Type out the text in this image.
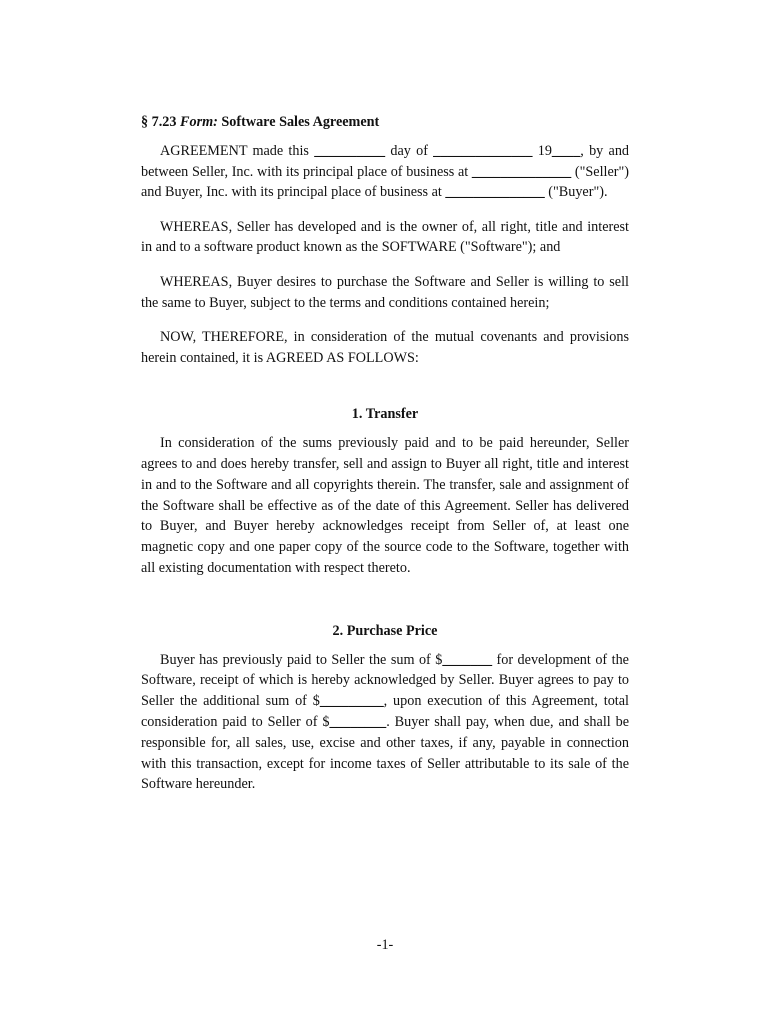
§ 7.23 Form: Software Sales Agreement

AGREEMENT made this __________ day of ______________ 19____, by and between Seller, Inc. with its principal place of business at ______________ ("Seller") and Buyer, Inc. with its principal place of business at ______________ ("Buyer").

WHEREAS, Seller has developed and is the owner of, all right, title and interest in and to a software product known as the SOFTWARE ("Software"); and

WHEREAS, Buyer desires to purchase the Software and Seller is willing to sell the same to Buyer, subject to the terms and conditions contained herein;

NOW, THEREFORE, in consideration of the mutual covenants and provisions herein contained, it is AGREED AS FOLLOWS:

1. Transfer

In consideration of the sums previously paid and to be paid hereunder, Seller agrees to and does hereby transfer, sell and assign to Buyer all right, title and interest in and to the Software and all copyrights therein. The transfer, sale and assignment of the Software shall be effective as of the date of this Agreement. Seller has delivered to Buyer, and Buyer hereby acknowledges receipt from Seller of, at least one magnetic copy and one paper copy of the source code to the Software, together with all existing documentation with respect thereto.

2. Purchase Price

Buyer has previously paid to Seller the sum of $_______ for development of the Software, receipt of which is hereby acknowledged by Seller. Buyer agrees to pay to Seller the additional sum of $_________, upon execution of this Agreement, total consideration paid to Seller of $________. Buyer shall pay, when due, and shall be responsible for, all sales, use, excise and other taxes, if any, payable in connection with this transaction, except for income taxes of Seller attributable to its sale of the Software hereunder.

-1-
